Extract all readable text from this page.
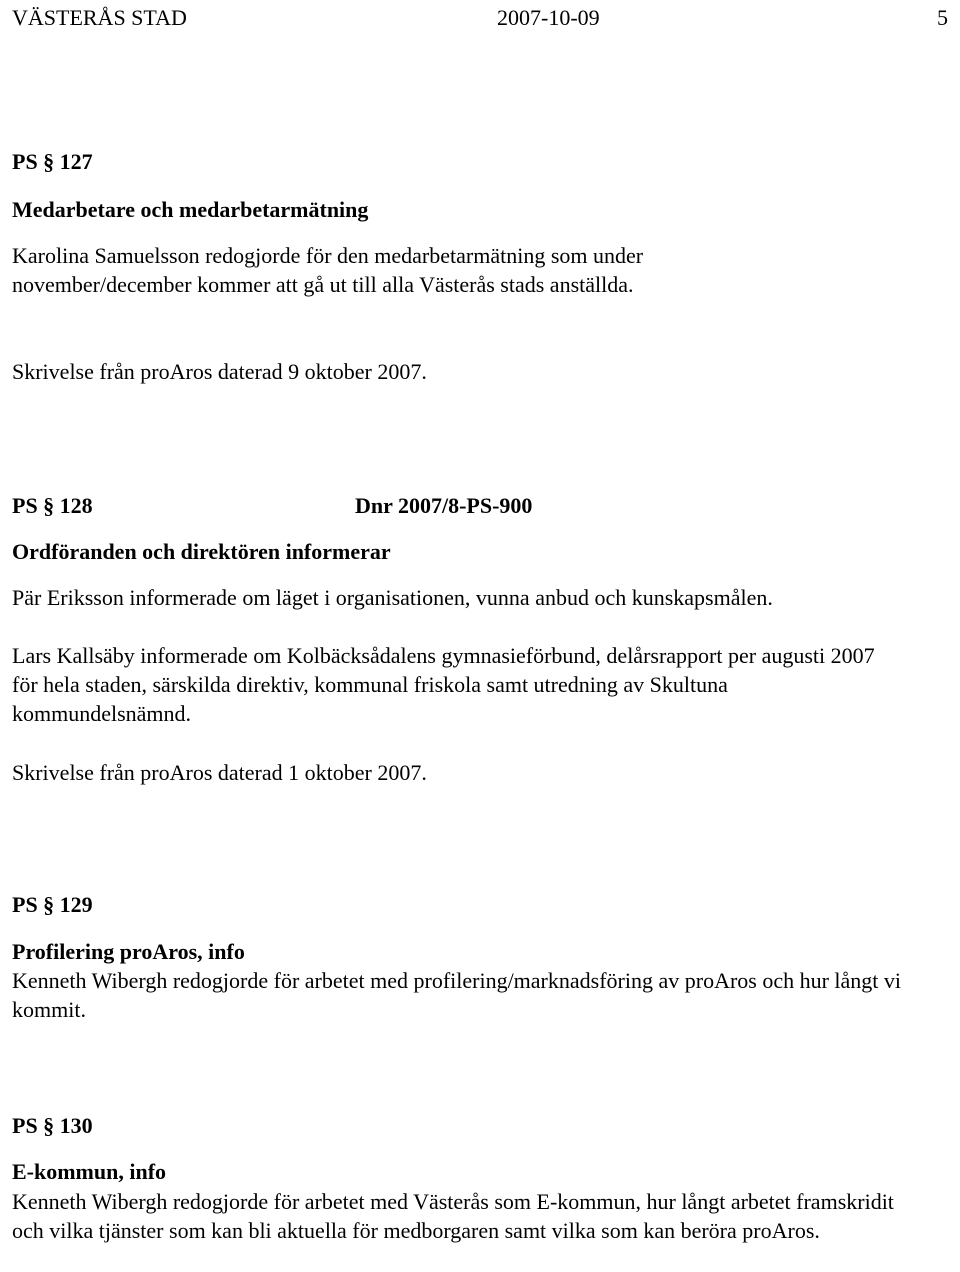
VÄSTERÅS STAD	2007-10-09	5
PS § 127
Medarbetare och medarbetarmätning

Karolina Samuelsson redogjorde för den medarbetarmätning som under november/december kommer att gå ut till alla Västerås stads anställda.

Skrivelse från proAros daterad 9 oktober 2007.

PS § 128	Dnr 2007/8-PS-900
Ordföranden och direktören informerar

Pär Eriksson informerade om läget i organisationen, vunna anbud och kunskapsmålen.

Lars Kallsäby informerade om Kolbäcksådalens gymnasieförbund, delårsrapport per augusti 2007 för hela staden, särskilda direktiv, kommunal friskola samt utredning av Skultuna kommundelsnämnd.

Skrivelse från proAros daterad 1 oktober 2007.

PS § 129
Profilering proAros, info

Kenneth Wibergh redogjorde för arbetet med profilering/marknadsföring av proAros och hur långt vi kommit.

PS § 130
E-kommun, info

Kenneth Wibergh redogjorde för arbetet med Västerås som E-kommun, hur långt arbetet framskridit och vilka tjänster som kan bli aktuella för medborgaren samt vilka som kan beröra proAros.
